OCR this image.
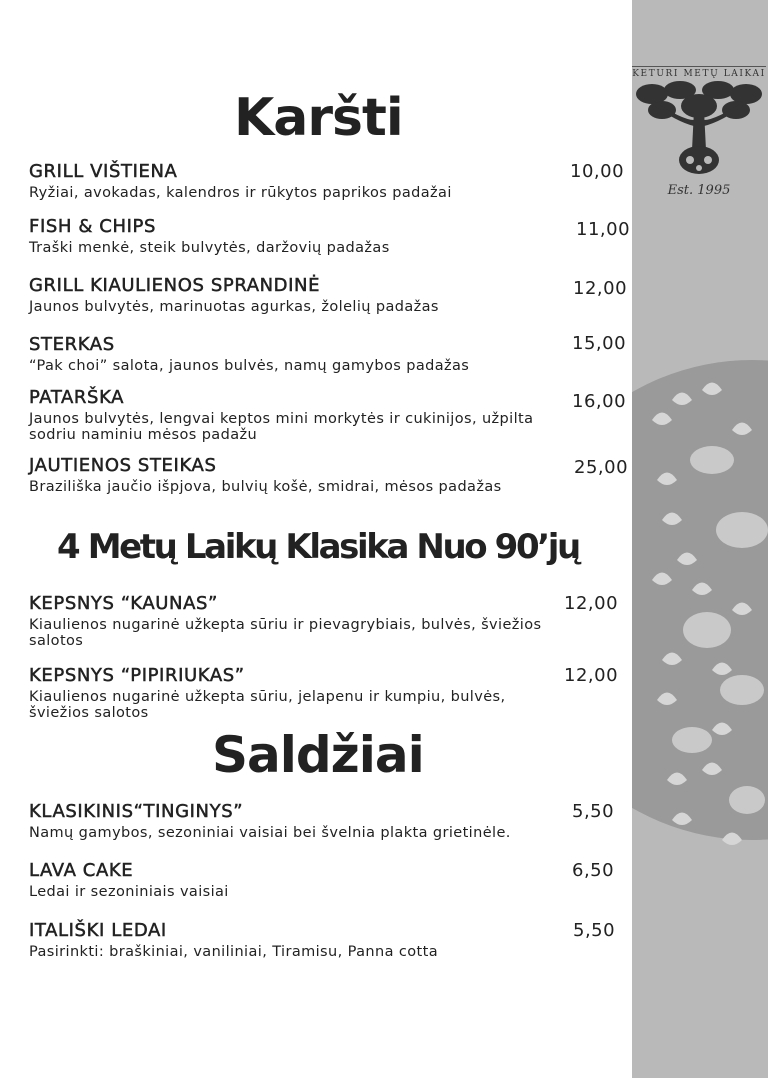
KETURI METŲ LAIKAI
Est. 1995
Karšti
GRILL VIŠTIENA
Ryžiai, avokadas, kalendros ir rūkytos paprikos padažai
10,00
FISH & CHIPS
Traški menkė, steik bulvytės, daržovių padažas
11,00
GRILL KIAULIENOS SPRANDINĖ
Jaunos bulvytės, marinuotas agurkas, žolelių padažas
12,00
STERKAS
“Pak choi” salota, jaunos bulvės, namų gamybos padažas
15,00
PATARŠKA
Jaunos bulvytės, lengvai keptos mini morkytės ir cukinijos, užpilta sodriu naminiu mėsos padažu
16,00
JAUTIENOS STEIKAS
Braziliška jaučio išpjova, bulvių košė, smidrai, mėsos padažas
25,00
4 Metų Laikų Klasika Nuo 90’jų
KEPSNYS “KAUNAS”
Kiaulienos nugarinė užkepta sūriu ir pievagrybiais, bulvės, šviežios salotos
12,00
KEPSNYS “PIPIRIUKAS”
Kiaulienos nugarinė užkepta sūriu, jelapenu ir kumpiu, bulvės, šviežios salotos
12,00
Saldžiai
KLASIKINIS“TINGINYS”
Namų gamybos, sezoniniai vaisiai bei švelnia plakta grietinėle.
5,50
LAVA CAKE
Ledai ir sezoniniais vaisiai
6,50
ITALIŠKI LEDAI
Pasirinkti: braškiniai, vaniliniai, Tiramisu, Panna cotta
5,50
